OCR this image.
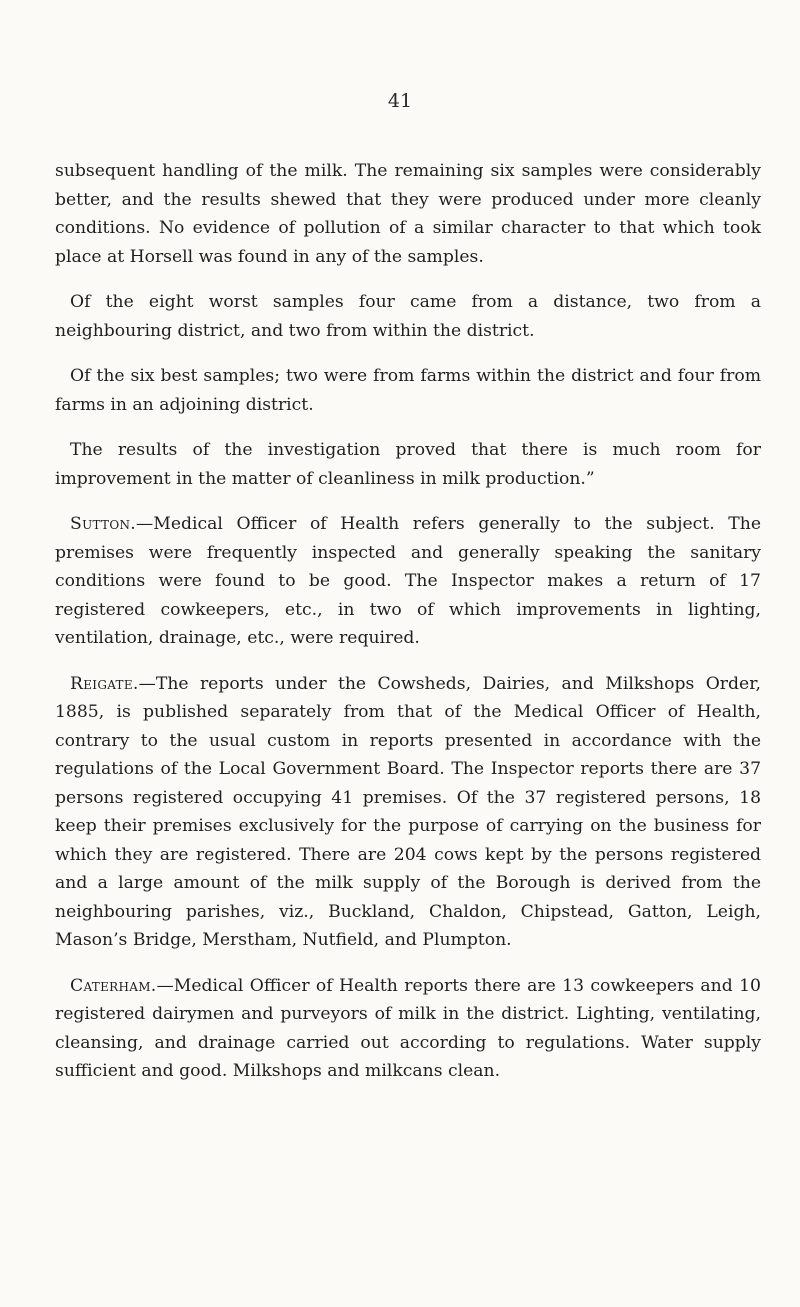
41

subsequent handling of the milk. The remaining six samples were considerably better, and the results shewed that they were produced under more cleanly conditions. No evidence of pollution of a similar character to that which took place at Horsell was found in any of the samples.

Of the eight worst samples four came from a distance, two from a neighbouring district, and two from within the district.

Of the six best samples; two were from farms within the district and four from farms in an adjoining district.

The results of the investigation proved that there is much room for improvement in the matter of cleanliness in milk production.”

Sutton.—Medical Officer of Health refers generally to the subject. The premises were frequently inspected and generally speaking the sanitary conditions were found to be good. The Inspector makes a return of 17 registered cowkeepers, etc., in two of which improvements in lighting, ventilation, drainage, etc., were required.

Reigate.—The reports under the Cowsheds, Dairies, and Milkshops Order, 1885, is published separately from that of the Medical Officer of Health, contrary to the usual custom in reports presented in accordance with the regulations of the Local Government Board. The Inspector reports there are 37 persons registered occupying 41 premises. Of the 37 registered persons, 18 keep their premises exclusively for the purpose of carrying on the business for which they are registered. There are 204 cows kept by the persons registered and a large amount of the milk supply of the Borough is derived from the neighbouring parishes, viz., Buckland, Chaldon, Chipstead, Gatton, Leigh, Mason’s Bridge, Merstham, Nutfield, and Plumpton.

Caterham.—Medical Officer of Health reports there are 13 cowkeepers and 10 registered dairymen and purveyors of milk in the district. Lighting, ventilating, cleansing, and drainage carried out according to regulations. Water supply sufficient and good. Milkshops and milkcans clean.
